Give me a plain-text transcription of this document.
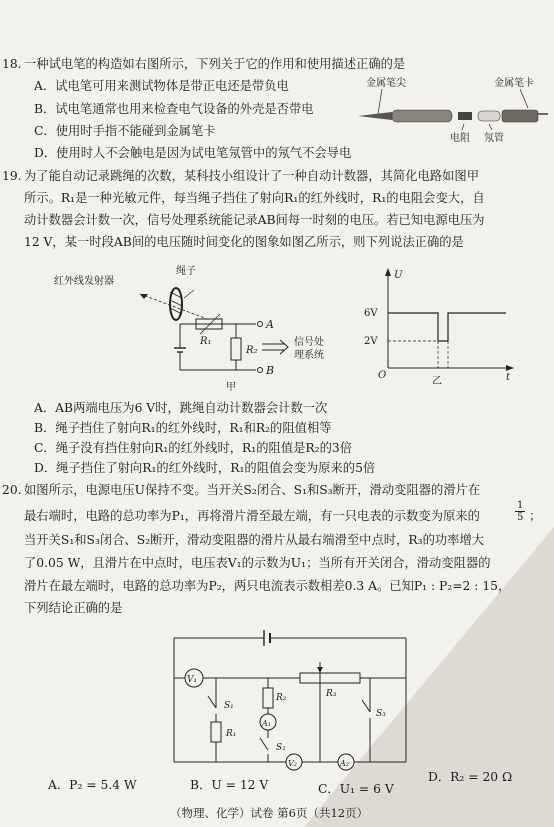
18. 一种试电笔的构造如右图所示，下列关于它的作用和使用描述正确的是
A．试电笔可用来测试物体是带正电还是带负电
B．试电笔通常也用来检查电气设备的外壳是否带电
C．使用时手指不能碰到金属笔卡
D．使用时人不会触电是因为试电笔氖管中的氖气不会导电
金属笔尖	金属笔卡
电阻 氖管
19. 为了能自动记录跳绳的次数，某科技小组设计了一种自动计数器，其简化电路如图甲
所示。R₁是一种光敏元件，每当绳子挡住了射向R₁的红外线时，R₁的电阻会变大，自
动计数器会计数一次，信号处理系统能记录AB间每一时刻的电压。若已知电源电压为
12 V，某一时段AB间的电压随时间变化的图象如图乙所示，则下列说法正确的是
红外线发射器
绳子
R₁
A
R₂
B
信号处
理系统
甲
U
t
O
6V
2V
乙
A．AB两端电压为6 V时，跳绳自动计数器会计数一次
B．绳子挡住了射向R₁的红外线时，R₁和R₂的阻值相等
C．绳子没有挡住射向R₁的红外线时，R₁的阻值是R₂的3倍
D．绳子挡住了射向R₁的红外线时，R₁的阻值会变为原来的5倍
20. 如图所示，电源电压U保持不变。当开关S₂闭合、S₁和S₃断开，滑动变阻器的滑片在
最右端时，电路的总功率为P₁，再将滑片滑至最左端，有一只电表的示数变为原来的	$\frac{1}{5}$ ；
当开关S₁和S₃闭合、S₂断开，滑动变阻器的滑片从最右端滑至中点时，R₃的功率增大
了0.05 W，且滑片在中点时，电压表V₁的示数为U₁；当所有开关闭合，滑动变阻器的
滑片在最左端时，电路的总功率为P₂，两只电流表示数相差0.3 A。已知P₁ : P₂=2 : 15，
下列结论正确的是
V₁
S₁
R₁
R₂
A₁
S₂
R₃
S₃
V₂	A₂
A．P₂ = 5.4 W	B．U = 12 V	C．U₁ = 6 V
D．R₂ = 20 Ω
（物理、化学）试卷 第6页（共12页）
